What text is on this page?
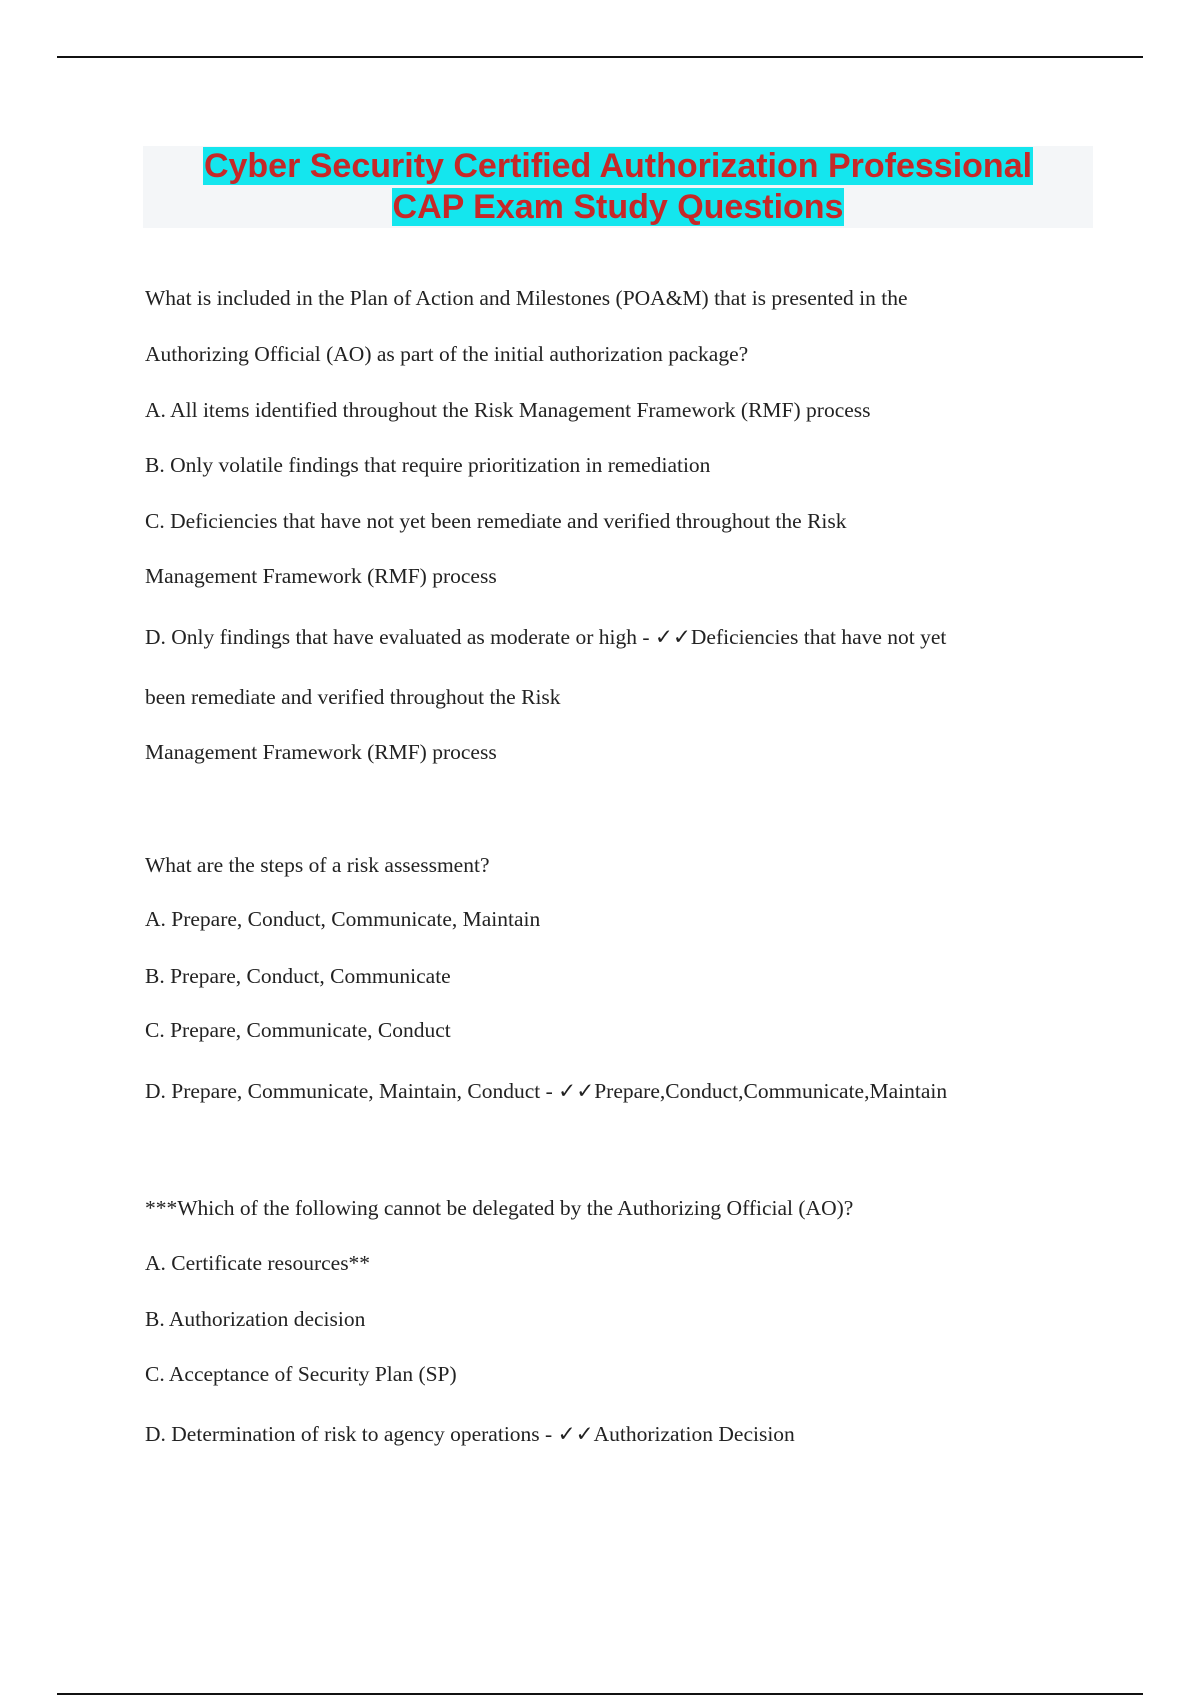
Cyber Security Certified Authorization Professional
CAP Exam Study Questions

What is included in the Plan of Action and Milestones (POA&M) that is presented in the

Authorizing Official (AO) as part of the initial authorization package?

A. All items identified throughout the Risk Management Framework (RMF) process

B. Only volatile findings that require prioritization in remediation

C. Deficiencies that have not yet been remediate and verified throughout the Risk

Management Framework (RMF) process

D. Only findings that have evaluated as moderate or high - ✓✓Deficiencies that have not yet

been remediate and verified throughout the Risk

Management Framework (RMF) process

What are the steps of a risk assessment?

A. Prepare, Conduct, Communicate, Maintain

B. Prepare, Conduct, Communicate

C. Prepare, Communicate, Conduct

D. Prepare, Communicate, Maintain, Conduct - ✓✓Prepare,Conduct,Communicate,Maintain

***Which of the following cannot be delegated by the Authorizing Official (AO)?

A. Certificate resources**

B. Authorization decision

C. Acceptance of Security Plan (SP)

D. Determination of risk to agency operations - ✓✓Authorization Decision
